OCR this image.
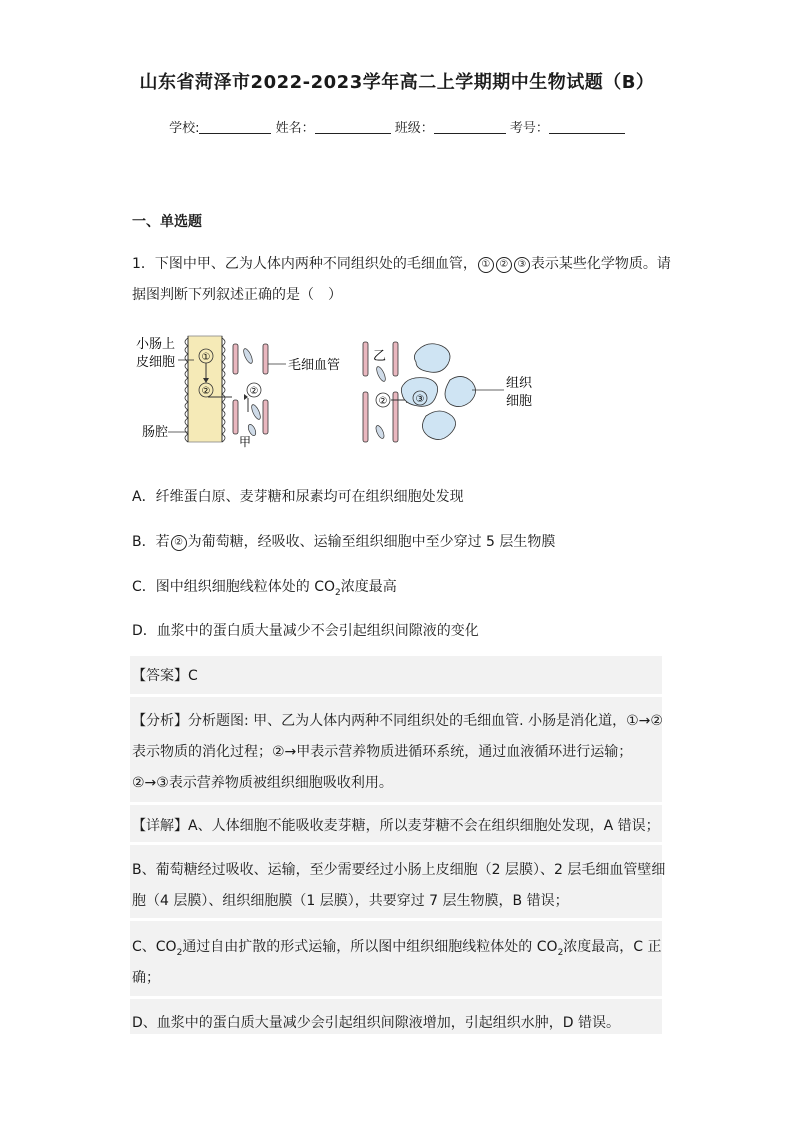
山东省菏泽市2022-2023学年高二上学期期中生物试题（B）
学校:	姓名：	班级：	考号：
一、单选题
1．下图中甲、乙为人体内两种不同组织处的毛细血管， ① ② ③ 表示某些化学物质。请
据图判断下列叙述正确的是（　）
①
②	②
甲
小肠上
皮细胞
肠腔
毛细血管
乙
②	③
组织
细胞
A．纤维蛋白原、麦芽糖和尿素均可在组织细胞处发现
B．若 ② 为葡萄糖，经吸收、运输至组织细胞中至少穿过 5 层生物膜
C．图中组织细胞线粒体处的 $CO_2$浓度最高
D．血浆中的蛋白质大量减少不会引起组织间隙液的变化
【答案】C
【分析】分析题图: 甲、乙为人体内两种不同组织处的毛细血管. 小肠是消化道，①→②
表示物质的消化过程；②→甲表示营养物质进循环系统，通过血液循环进行运输；
②→③表示营养物质被组织细胞吸收利用。
【详解】A、人体细胞不能吸收麦芽糖，所以麦芽糖不会在组织细胞处发现，A 错误；
B、葡萄糖经过吸收、运输，至少需要经过小肠上皮细胞（2 层膜）、2 层毛细血管壁细
胞（4 层膜）、组织细胞膜（1 层膜），共要穿过 7 层生物膜，B 错误；
C、$CO_2$通过自由扩散的形式运输，所以图中组织细胞线粒体处的 $CO_2$浓度最高，C 正
确；
D、血浆中的蛋白质大量减少会引起组织间隙液增加，引起组织水肿，D 错误。
